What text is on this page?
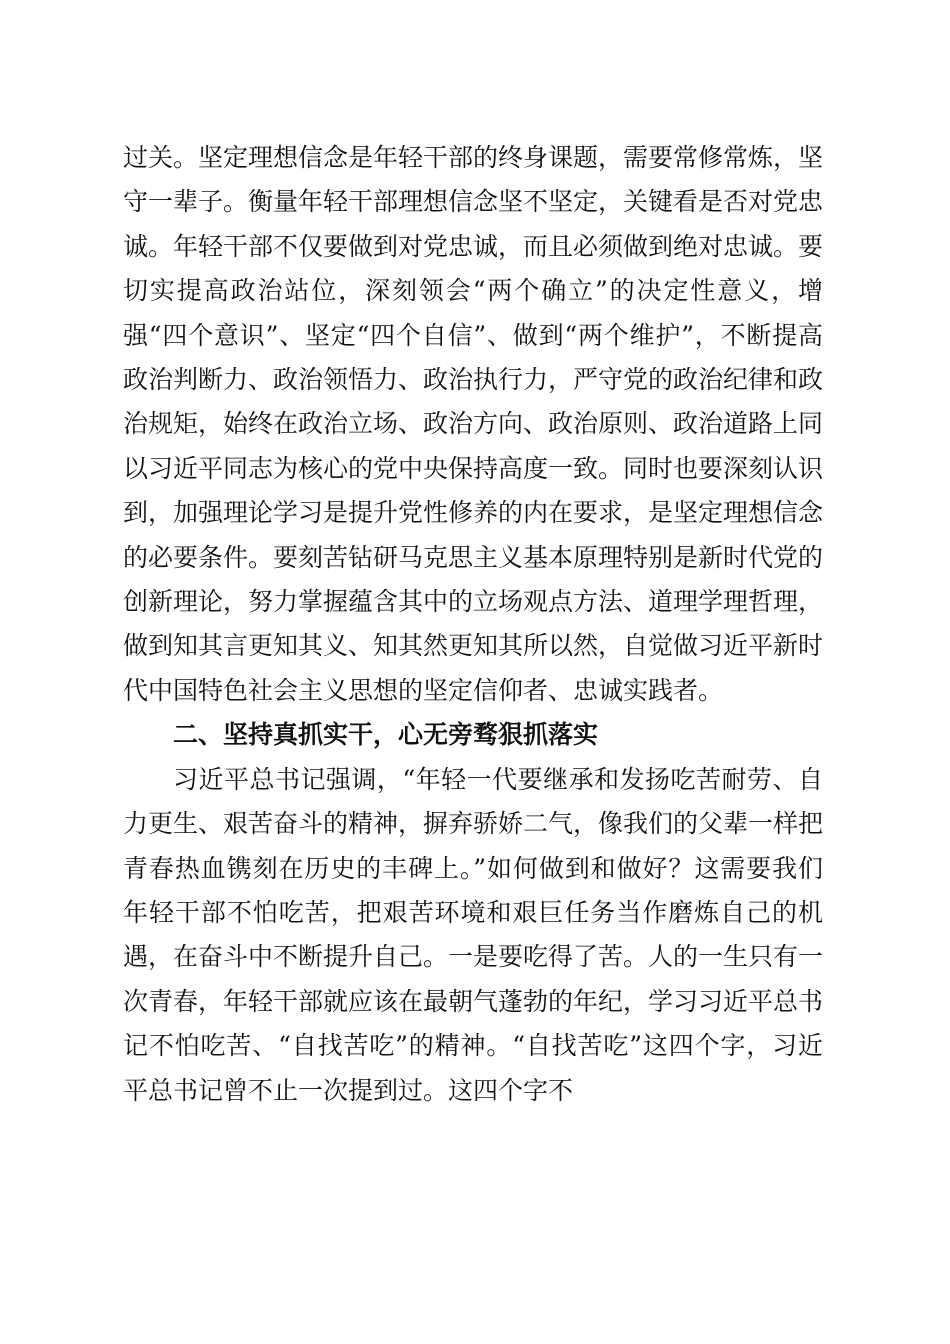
过关。坚定理想信念是年轻干部的终身课题，需要常修常炼，坚守一辈子。衡量年轻干部理想信念坚不坚定，关键看是否对党忠诚。年轻干部不仅要做到对党忠诚，而且必须做到绝对忠诚。要切实提高政治站位，深刻领会“两个确立”的决定性意义，增强“四个意识”、坚定“四个自信”、做到“两个维护”，不断提高政治判断力、政治领悟力、政治执行力，严守党的政治纪律和政治规矩，始终在政治立场、政治方向、政治原则、政治道路上同以习近平同志为核心的党中央保持高度一致。同时也要深刻认识到，加强理论学习是提升党性修养的内在要求，是坚定理想信念的必要条件。要刻苦钻研马克思主义基本原理特别是新时代党的创新理论，努力掌握蕴含其中的立场观点方法、道理学理哲理，做到知其言更知其义、知其然更知其所以然，自觉做习近平新时代中国特色社会主义思想的坚定信仰者、忠诚实践者。

二、坚持真抓实干，心无旁骛狠抓落实

习近平总书记强调，“年轻一代要继承和发扬吃苦耐劳、自力更生、艰苦奋斗的精神，摒弃骄娇二气，像我们的父辈一样把青春热血镌刻在历史的丰碑上。”如何做到和做好？这需要我们年轻干部不怕吃苦，把艰苦环境和艰巨任务当作磨炼自己的机遇，在奋斗中不断提升自己。一是要吃得了苦。人的一生只有一次青春，年轻干部就应该在最朝气蓬勃的年纪，学习习近平总书记不怕吃苦、“自找苦吃”的精神。“自找苦吃”这四个字，习近平总书记曾不止一次提到过。这四个字不
